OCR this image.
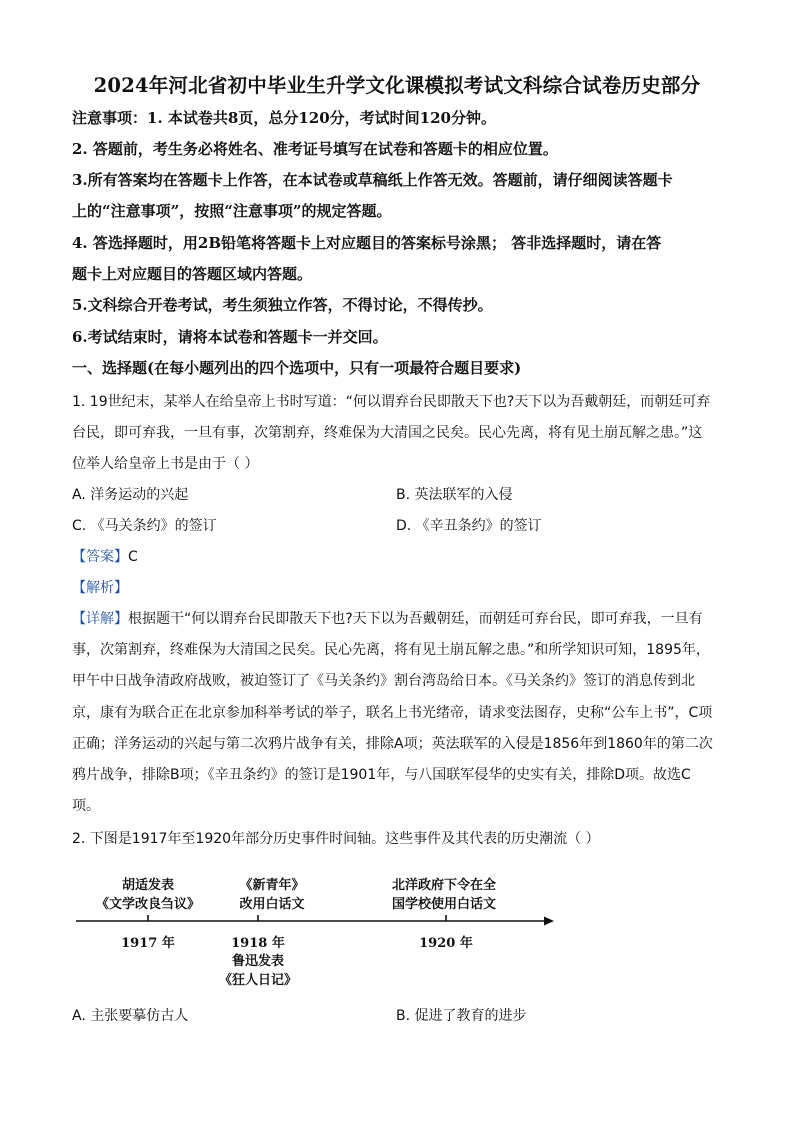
2024年河北省初中毕业生升学文化课模拟考试文科综合试卷历史部分
注意事项：1. 本试卷共8页，总分120分，考试时间120分钟。
2. 答题前，考生务必将姓名、准考证号填写在试卷和答题卡的相应位置。
3.所有答案均在答题卡上作答，在本试卷或草稿纸上作答无效。答题前，请仔细阅读答题卡
上的“注意事项”，按照“注意事项”的规定答题。
4. 答选择题时，用2B铅笔将答题卡上对应题目的答案标号涂黑； 答非选择题时，请在答
题卡上对应题目的答题区域内答题。
5.文科综合开卷考试，考生须独立作答，不得讨论，不得传抄。
6.考试结束时，请将本试卷和答题卡一并交回。
一、选择题(在每小题列出的四个选项中，只有一项最符合题目要求)
1. 19世纪末，某举人在给皇帝上书时写道：“何以谓弃台民即散天下也?天下以为吾戴朝廷，而朝廷可弃
台民，即可弃我，一旦有事，次第割弃，终难保为大清国之民矣。民心先离，将有见土崩瓦解之患。”这
位举人给皇帝上书是由于（ ）
A. 洋务运动的兴起	B. 英法联军的入侵
C. 《马关条约》的签订	D. 《辛丑条约》的签订
【答案】C
【解析】
【详解】根据题干“何以谓弃台民即散天下也?天下以为吾戴朝廷，而朝廷可弃台民，即可弃我，一旦有
事，次第割弃，终难保为大清国之民矣。民心先离，将有见土崩瓦解之患。”和所学知识可知，1895年，
甲午中日战争清政府战败，被迫签订了《马关条约》割台湾岛给日本。《马关条约》签订的消息传到北
京，康有为联合正在北京参加科举考试的举子，联名上书光绪帝，请求变法图存，史称“公车上书”，C项
正确；洋务运动的兴起与第二次鸦片战争有关，排除A项；英法联军的入侵是1856年到1860年的第二次
鸦片战争，排除B项；《辛丑条约》的签订是1901年，与八国联军侵华的史实有关，排除D项。故选C
项。
2. 下图是1917年至1920年部分历史事件时间轴。这些事件及其代表的历史潮流（ ）
胡适发表
《文学改良刍议》
《新青年》
改用白话文
北洋政府下令在全
国学校使用白话文
1917 年	1918 年	1920 年
鲁迅发表
《狂人日记》
A. 主张要摹仿古人	B. 促进了教育的进步
